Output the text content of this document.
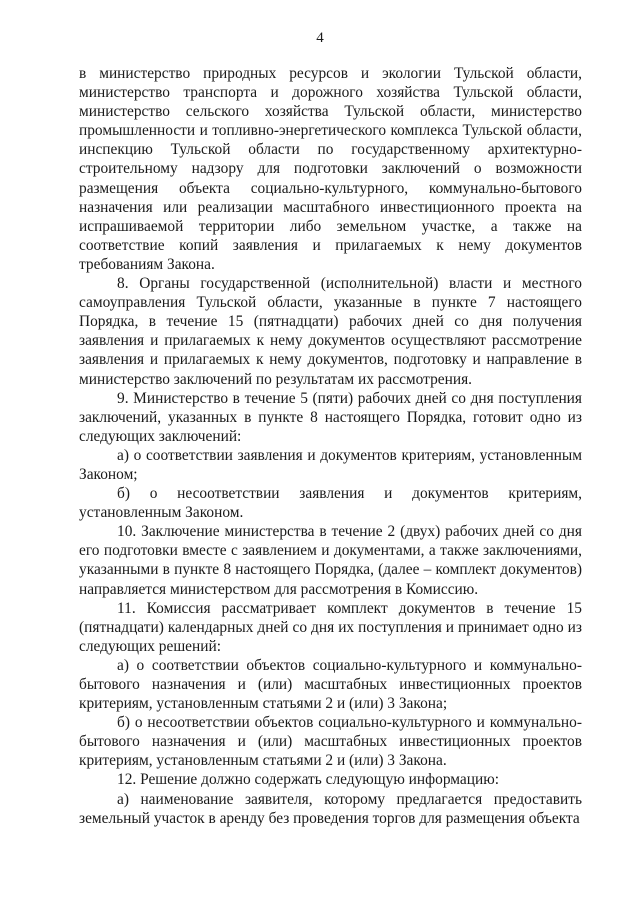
4

в министерство природных ресурсов и экологии Тульской области, министерство транспорта и дорожного хозяйства Тульской области, министерство сельского хозяйства Тульской области, министерство промышленности и топливно-энергетического комплекса Тульской области, инспекцию Тульской области по государственному архитектурно-строительному надзору для подготовки заключений о возможности размещения объекта социально-культурного, коммунально-бытового назначения или реализации масштабного инвестиционного проекта на испрашиваемой территории либо земельном участке, а также на соответствие копий заявления и прилагаемых к нему документов требованиям Закона.

8. Органы государственной (исполнительной) власти и местного самоуправления Тульской области, указанные в пункте 7 настоящего Порядка, в течение 15 (пятнадцати) рабочих дней со дня получения заявления и прилагаемых к нему документов осуществляют рассмотрение заявления и прилагаемых к нему документов, подготовку и направление в министерство заключений по результатам их рассмотрения.

9. Министерство в течение 5 (пяти) рабочих дней со дня поступления заключений, указанных в пункте 8 настоящего Порядка, готовит одно из следующих заключений:

а) о соответствии заявления и документов критериям, установленным Законом;

б) о несоответствии заявления и документов критериям, установленным Законом.

10. Заключение министерства в течение 2 (двух) рабочих дней со дня его подготовки вместе с заявлением и документами, а также заключениями, указанными в пункте 8 настоящего Порядка, (далее – комплект документов) направляется министерством для рассмотрения в Комиссию.

11. Комиссия рассматривает комплект документов в течение 15 (пятнадцати) календарных дней со дня их поступления и принимает одно из следующих решений:

а) о соответствии объектов социально-культурного и коммунально-бытового назначения и (или) масштабных инвестиционных проектов критериям, установленным статьями 2 и (или) 3 Закона;

б) о несоответствии объектов социально-культурного и коммунально-бытового назначения и (или) масштабных инвестиционных проектов критериям, установленным статьями 2 и (или) 3 Закона.

12. Решение должно содержать следующую информацию:

а) наименование заявителя, которому предлагается предоставить земельный участок в аренду без проведения торгов для размещения объекта
